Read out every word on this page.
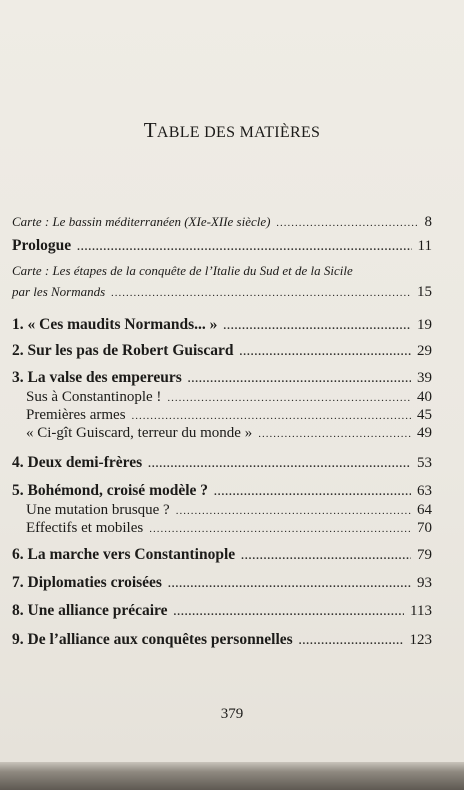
TABLE DES MATIÈRES
Carte : Le bassin méditerranéen (XIe-XIIe siècle) .....	8
Prologue .....	11
Carte : Les étapes de la conquête de l’Italie du Sud et de la Sicile
par les Normands .....	15
1. « Ces maudits Normands... » .....	19
2. Sur les pas de Robert Guiscard .....	29
3. La valse des empereurs .....	39
Sus à Constantinople ! .....	40
Premières armes .....	45
« Ci-gît Guiscard, terreur du monde » .....	49
4. Deux demi-frères .....	53
5. Bohémond, croisé modèle ? .....	63
Une mutation brusque ? .....	64
Effectifs et mobiles .....	70
6. La marche vers Constantinople .....	79
7. Diplomaties croisées .....	93
8. Une alliance précaire .....	113
9. De l’alliance aux conquêtes personnelles .....	123
379
